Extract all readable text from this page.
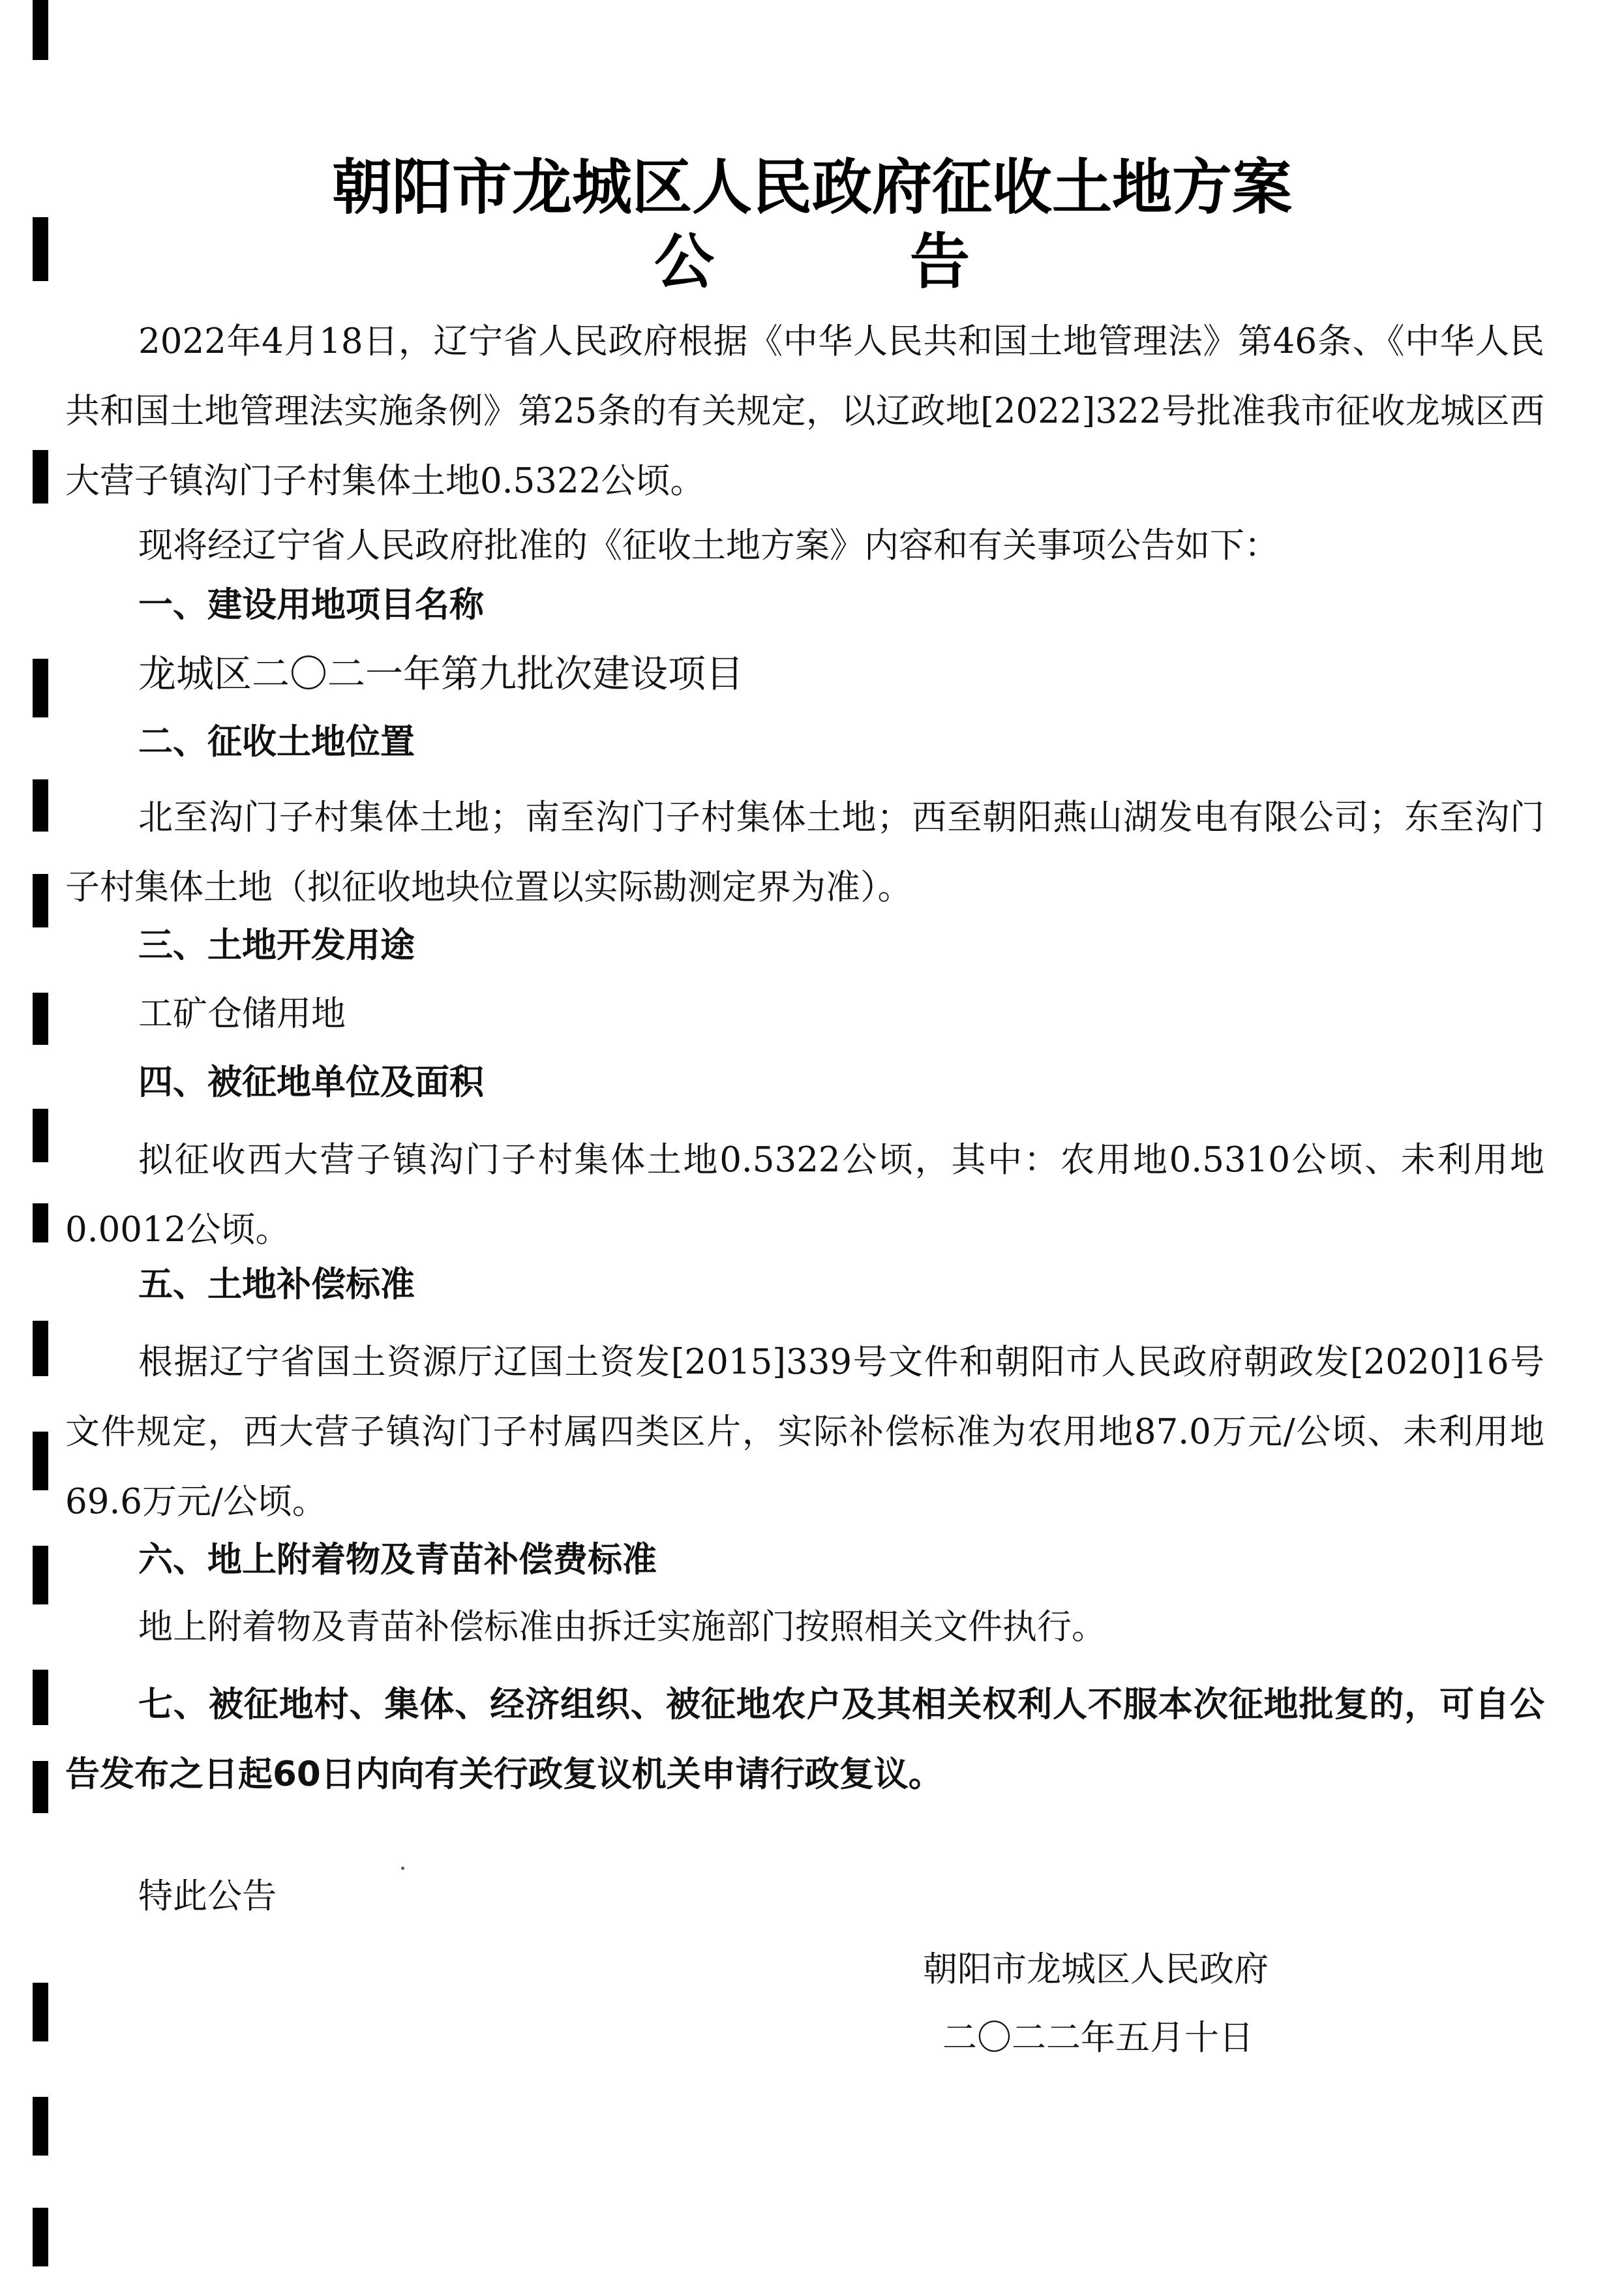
朝阳市龙城区人民政府征收土地方案
公	告
2022年4月18日，辽宁省人民政府根据《中华人民共和国土地管理法》第46条、《中华人民共和国土地管理法实施条例》第25条的有关规定，以辽政地[2022]322号批准我市征收龙城区西大营子镇沟门子村集体土地0.5322公顷。
现将经辽宁省人民政府批准的《征收土地方案》内容和有关事项公告如下：
一、建设用地项目名称
龙城区二〇二一年第九批次建设项目
二、征收土地位置
北至沟门子村集体土地；南至沟门子村集体土地；西至朝阳燕山湖发电有限公司；东至沟门子村集体土地（拟征收地块位置以实际勘测定界为准）。
三、土地开发用途
工矿仓储用地
四、被征地单位及面积
拟征收西大营子镇沟门子村集体土地0.5322公顷，其中：农用地0.5310公顷、未利用地0.0012公顷。
五、土地补偿标准
根据辽宁省国土资源厅辽国土资发[2015]339号文件和朝阳市人民政府朝政发[2020]16号文件规定，西大营子镇沟门子村属四类区片，实际补偿标准为农用地87.0万元/公顷、未利用地69.6万元/公顷。
六、地上附着物及青苗补偿费标准
地上附着物及青苗补偿标准由拆迁实施部门按照相关文件执行。
七、被征地村、集体、经济组织、被征地农户及其相关权利人不服本次征地批复的，可自公告发布之日起60日内向有关行政复议机关申请行政复议。
特此公告
朝阳市龙城区人民政府
二〇二二年五月十日
